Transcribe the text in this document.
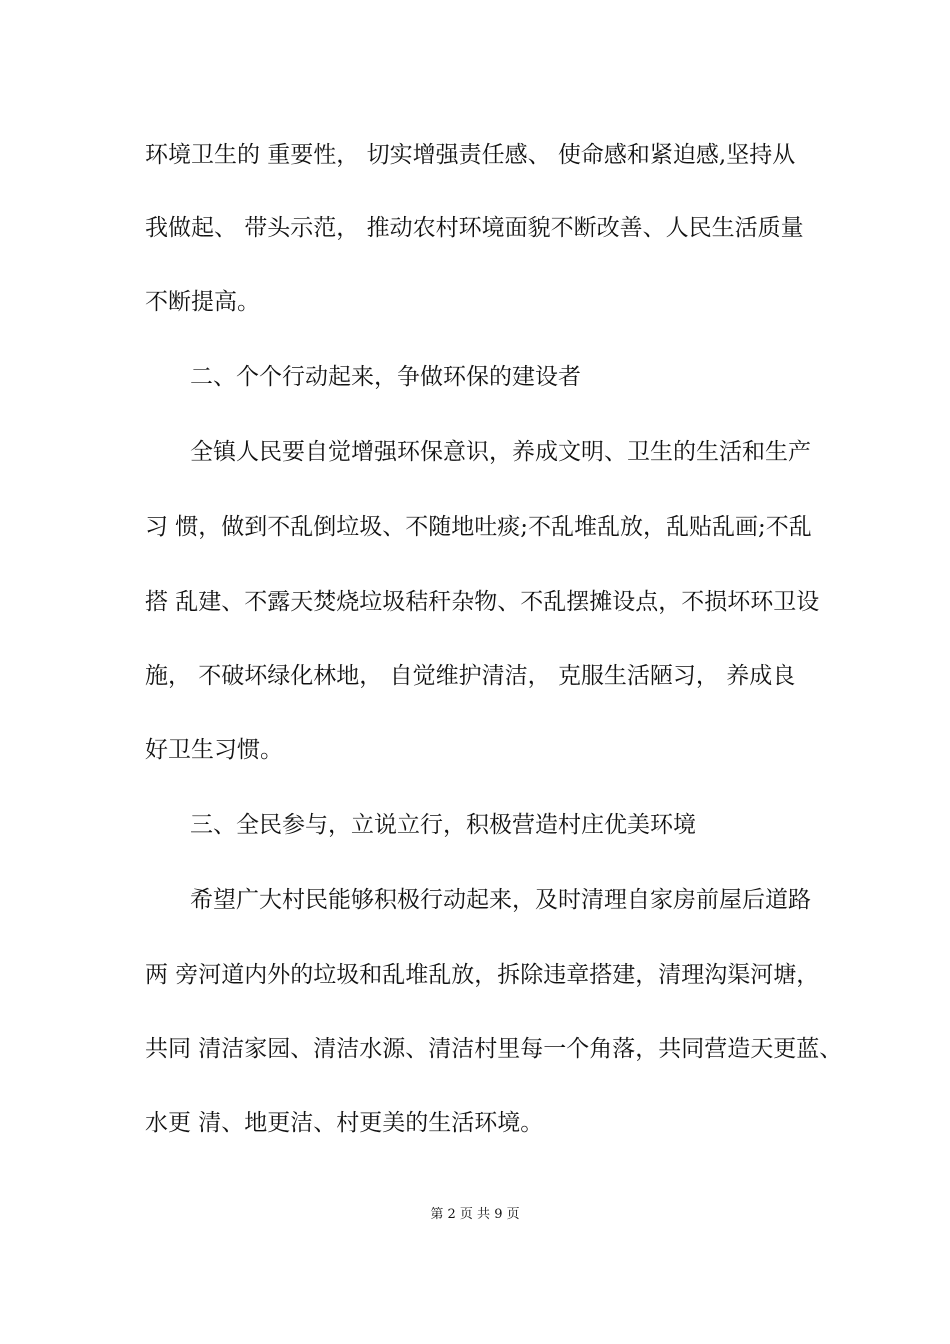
环境卫生的 重要性， 切实增强责任感、 使命感和紧迫感,坚持从
我做起、 带头示范， 推动农村环境面貌不断改善、人民生活质量
不断提高。
二、个个行动起来，争做环保的建设者
全镇人民要自觉增强环保意识，养成文明、卫生的生活和生产
习 惯，做到不乱倒垃圾、不随地吐痰;不乱堆乱放，乱贴乱画;不乱
搭 乱建、不露天焚烧垃圾秸秆杂物、不乱摆摊设点，不损坏环卫设
施， 不破坏绿化林地， 自觉维护清洁， 克服生活陋习， 养成良
好卫生习惯。
三、全民参与，立说立行，积极营造村庄优美环境
希望广大村民能够积极行动起来，及时清理自家房前屋后道路
两 旁河道内外的垃圾和乱堆乱放，拆除违章搭建，清理沟渠河塘，
共同 清洁家园、清洁水源、清洁村里每一个角落，共同营造天更蓝、
水更 清、地更洁、村更美的生活环境。
第 2 页 共 9 页
